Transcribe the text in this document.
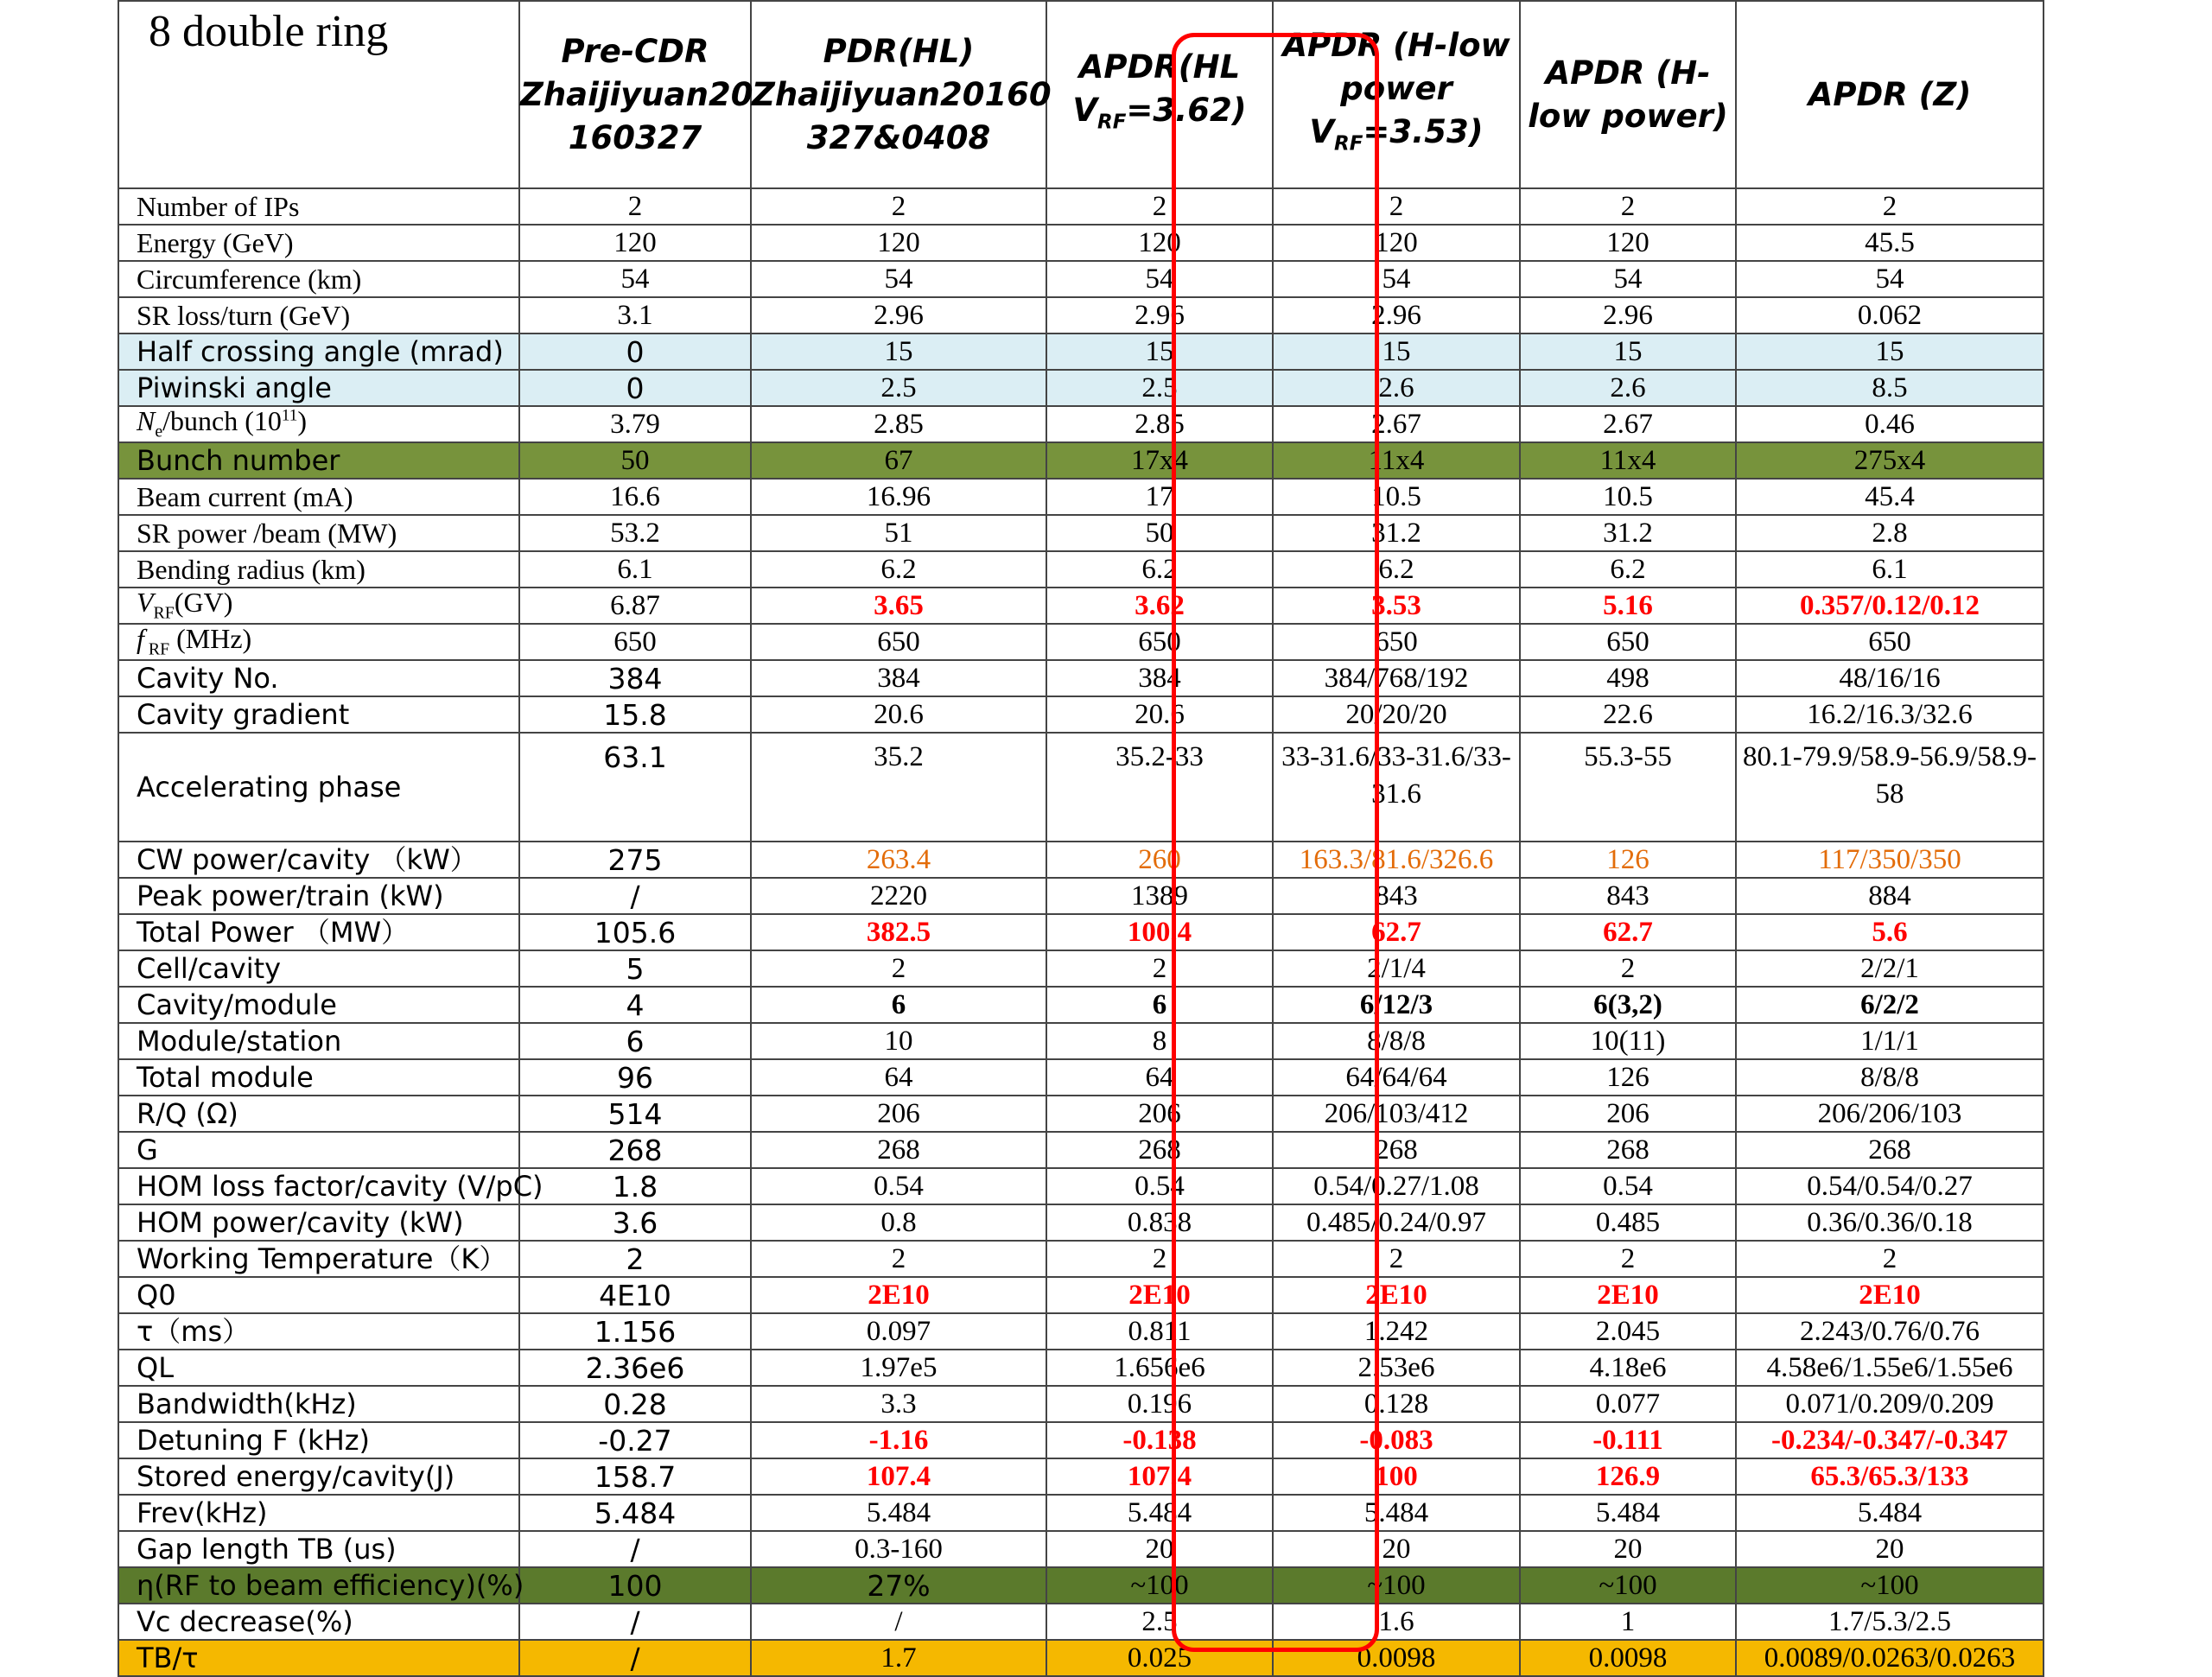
8 double ring	Pre-CDR
Zhaijiyuan20
160327	PDR(HL)
Zhaijiyuan20160
327&0408	APDR(HL
$V_{RF}=3.62$)	APDR (H-low
power
$V_{RF}=3.53$)	APDR (H-
low power)	APDR (Z)
Number of IPs	2	2	2	2	2	2
Energy (GeV)	120	120	120	120	120	45.5
Circumference (km)	54	54	54	54	54	54
SR loss/turn (GeV)	3.1	2.96	2.96	2.96	2.96	0.062
Half crossing angle (mrad)	0	15	15	15	15	15
Piwinski angle	0	2.5	2.5	2.6	2.6	8.5
$N_e$/bunch $(10^{11})$	3.79	2.85	2.85	2.67	2.67	0.46
Bunch number	50	67	17x4	11x4	11x4	275x4
Beam current (mA)	16.6	16.96	17	10.5	10.5	45.4
SR power /beam (MW)	53.2	51	50	31.2	31.2	2.8
Bending radius (km)	6.1	6.2	6.2	6.2	6.2	6.1
$V_{RF}(GV)$	6.87	3.65	3.62	3.53	5.16	0.357/0.12/0.12
f $_{RF}$ (MHz)	650	650	650	650	650	650
Cavity No.	384	384	384	384/768/192	498	48/16/16
Cavity gradient	15.8	20.6	20.6	20/20/20	22.6	16.2/16.3/32.6
Accelerating phase	63.1	35.2	35.2-33	33-31.6/33-31.6/33-31.6	55.3-55	80.1-79.9/58.9-56.9/58.9-58
CW power/cavity （kW）	275	263.4	260	163.3/81.6/326.6	126	117/350/350
Peak power/train (kW)	/	2220	1389	843	843	884
Total Power （MW）	105.6	382.5	100.4	62.7	62.7	5.6
Cell/cavity	5	2	2	2/1/4	2	2/2/1
Cavity/module	4	6	6	6/12/3	6(3,2)	6/2/2
Module/station	6	10	8	8/8/8	10(11)	1/1/1
Total module	96	64	64	64/64/64	126	8/8/8
R/Q (Ω)	514	206	206	206/103/412	206	206/206/103
G	268	268	268	268	268	268
HOM loss factor/cavity (V/pC)	1.8	0.54	0.54	0.54/0.27/1.08	0.54	0.54/0.54/0.27
HOM power/cavity (kW)	3.6	0.8	0.838	0.485/0.24/0.97	0.485	0.36/0.36/0.18
Working Temperature（K）	2	2	2	2	2	2
Q0	4E10	2E10	2E10	2E10	2E10	2E10
τ（ms）	1.156	0.097	0.811	1.242	2.045	2.243/0.76/0.76
QL	2.36e6	1.97e5	1.656e6	2.53e6	4.18e6	4.58e6/1.55e6/1.55e6
Bandwidth(kHz)	0.28	3.3	0.196	0.128	0.077	0.071/0.209/0.209
Detuning F (kHz)	-0.27	-1.16	-0.138	-0.083	-0.111	-0.234/-0.347/-0.347
Stored energy/cavity(J)	158.7	107.4	107.4	100	126.9	65.3/65.3/133
Frev(kHz)	5.484	5.484	5.484	5.484	5.484	5.484
Gap length TB (us)	/	0.3-160	20	20	20	20
η(RF to beam efficiency)(%)	100	27%	~100	~100	~100	~100
Vc decrease(%)	/	/	2.5	1.6	1	1.7/5.3/2.5
TB/τ	/	1.7	0.025	0.0098	0.0098	0.0089/0.0263/0.0263
